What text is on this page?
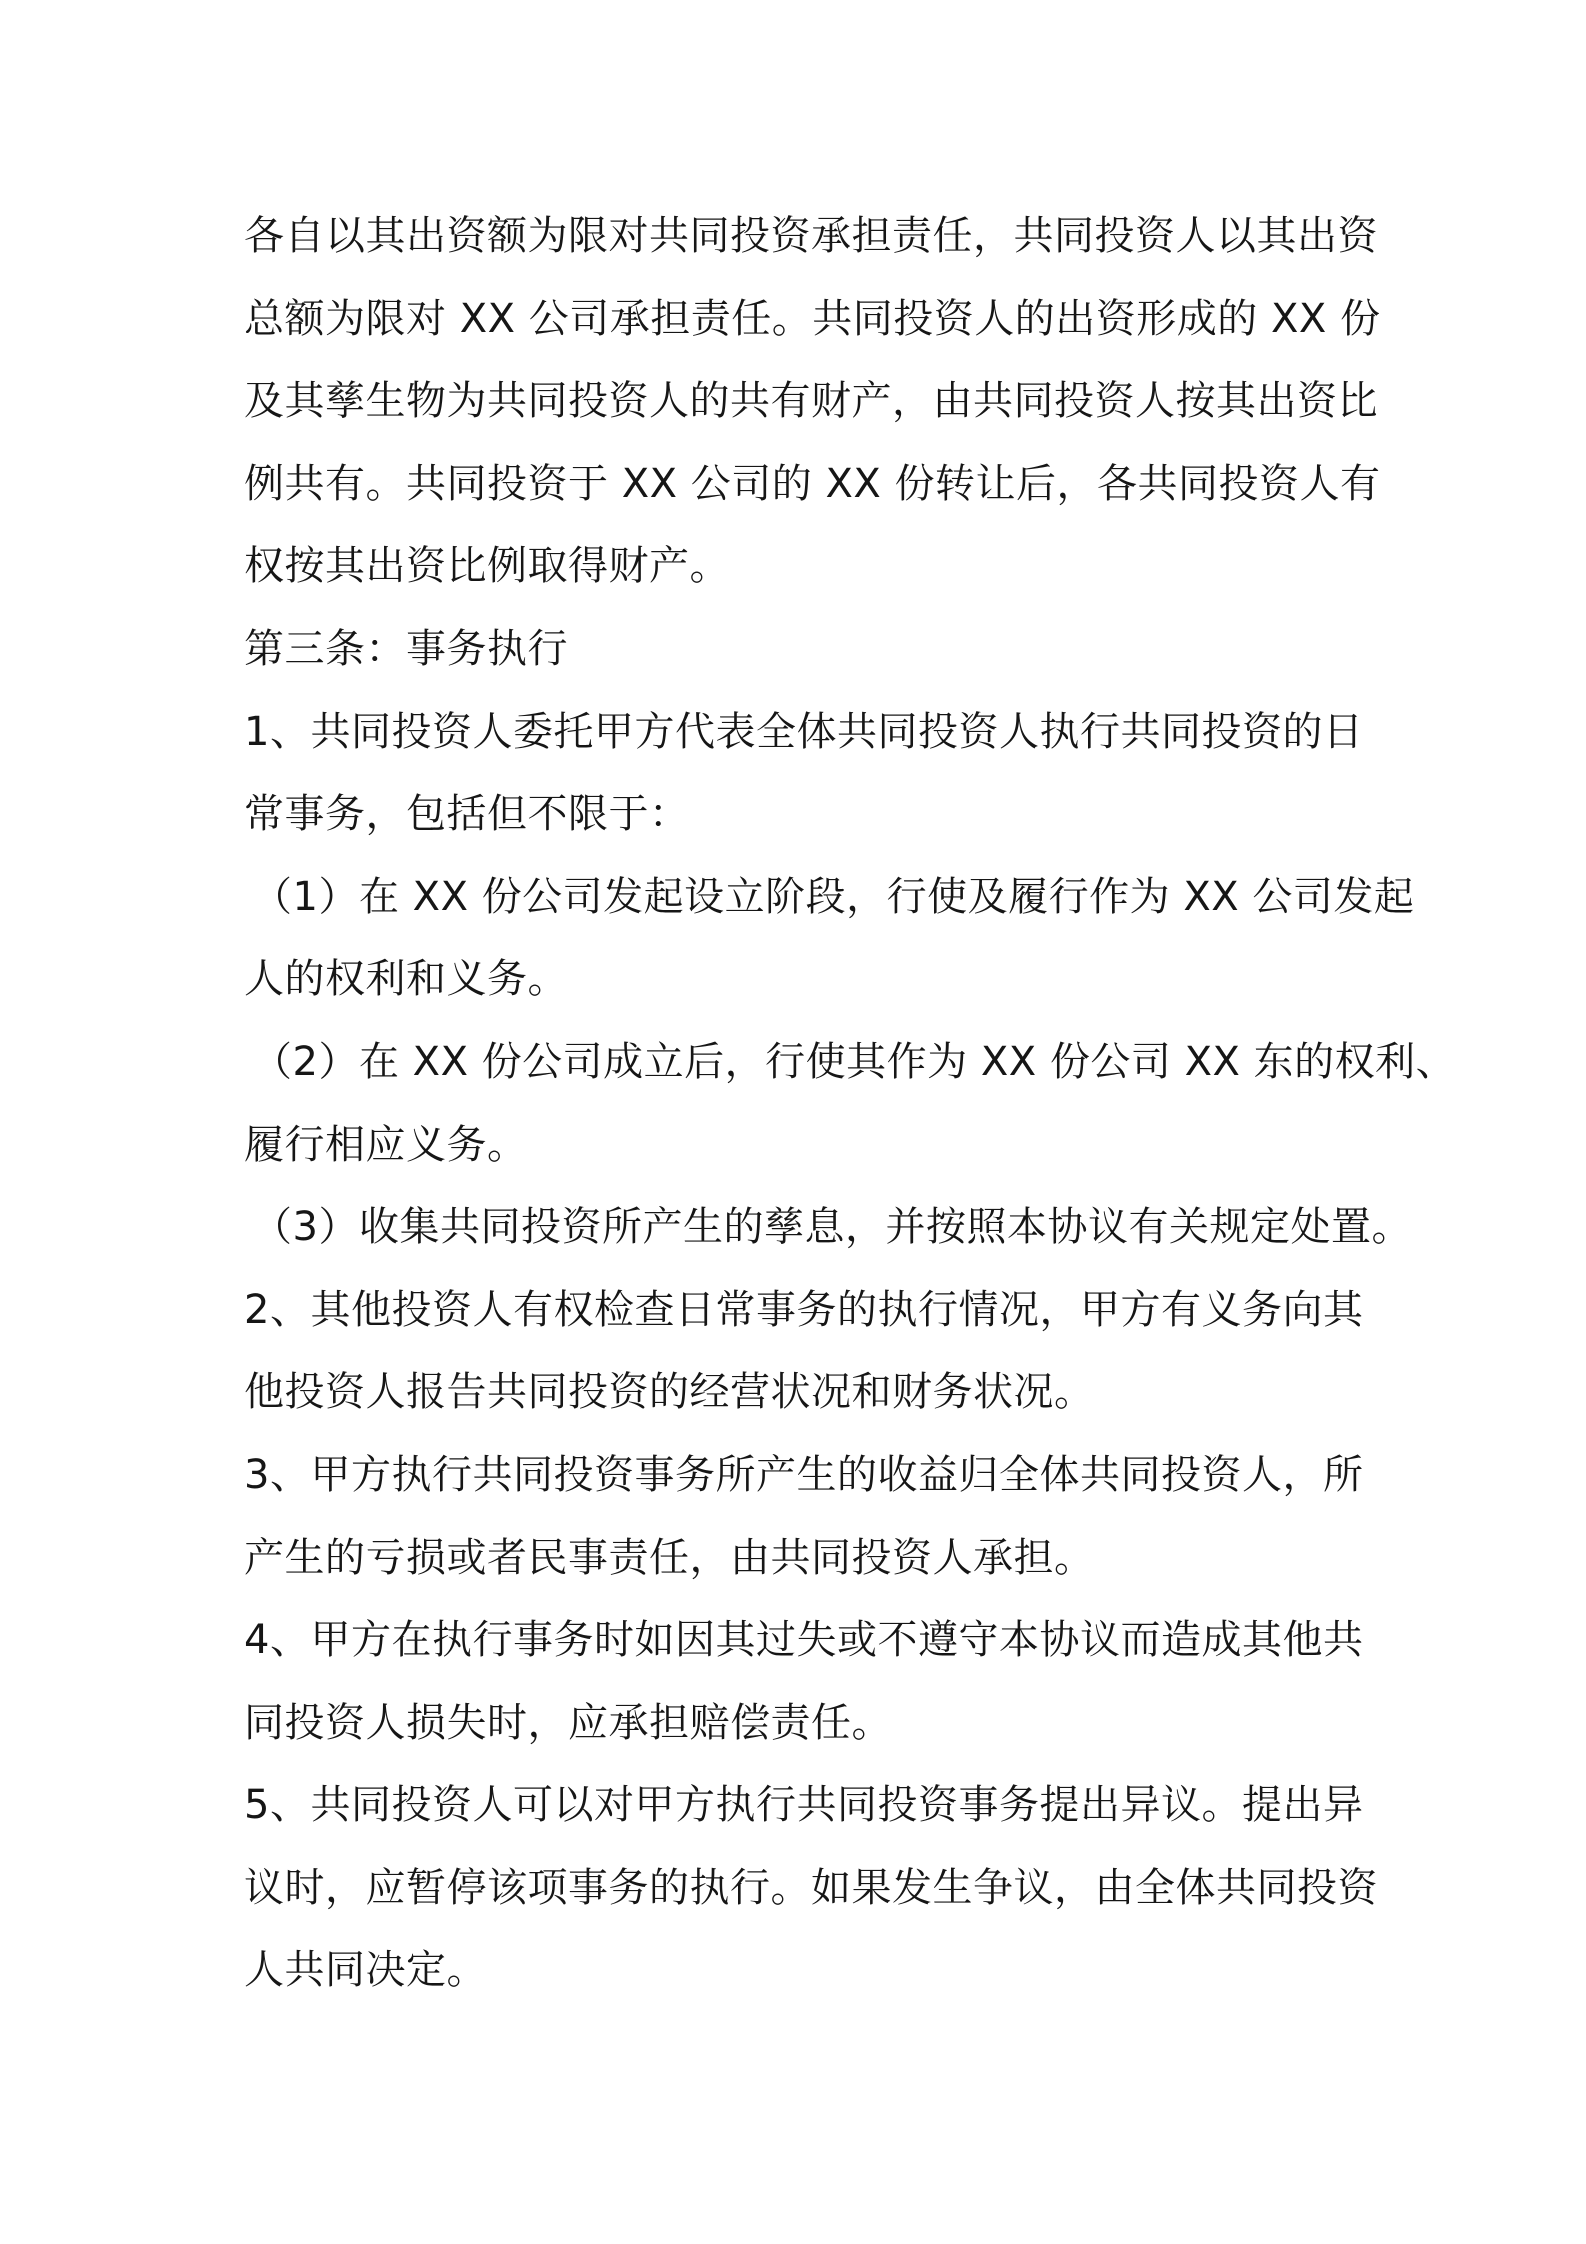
各自以其出资额为限对共同投资承担责任，共同投资人以其出资
总额为限对 XX 公司承担责任。共同投资人的出资形成的 XX 份
及其孳生物为共同投资人的共有财产，由共同投资人按其出资比
例共有。共同投资于 XX 公司的 XX 份转让后，各共同投资人有
权按其出资比例取得财产。
第三条：事务执行
1、共同投资人委托甲方代表全体共同投资人执行共同投资的日
常事务，包括但不限于：
（1）在 XX 份公司发起设立阶段，行使及履行作为 XX 公司发起
人的权利和义务。
（2）在 XX 份公司成立后，行使其作为 XX 份公司 XX 东的权利、
履行相应义务。
（3）收集共同投资所产生的孳息，并按照本协议有关规定处置。
2、其他投资人有权检查日常事务的执行情况，甲方有义务向其
他投资人报告共同投资的经营状况和财务状况。
3、甲方执行共同投资事务所产生的收益归全体共同投资人，所
产生的亏损或者民事责任，由共同投资人承担。
4、甲方在执行事务时如因其过失或不遵守本协议而造成其他共
同投资人损失时，应承担赔偿责任。
5、共同投资人可以对甲方执行共同投资事务提出异议。提出异
议时，应暂停该项事务的执行。如果发生争议，由全体共同投资
人共同决定。
